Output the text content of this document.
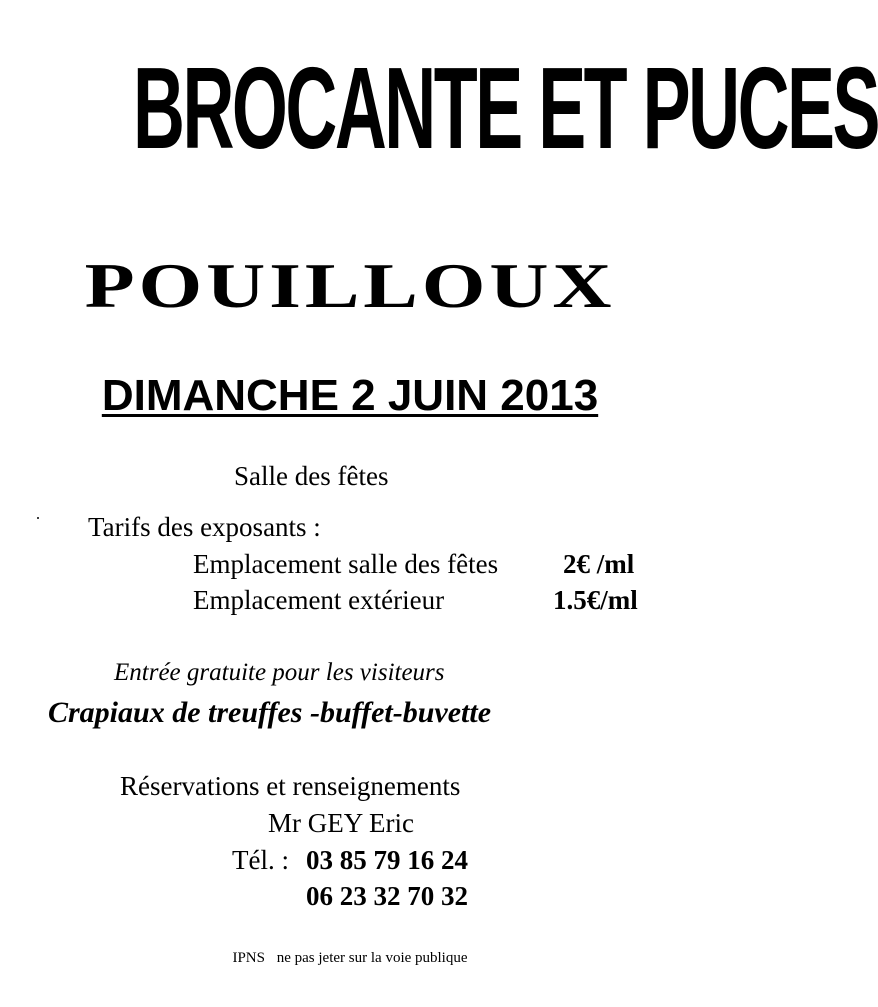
BROCANTE ET PUCES
POUILLOUX
DIMANCHE 2 JUIN 2013
Salle des fêtes
Tarifs des exposants :
Emplacement salle des fêtes 2€ /ml
Emplacement extérieur	1.5€/ml
Entrée gratuite pour les visiteurs
Crapiaux de treuffes -buffet-buvette
Réservations et renseignements
Mr GEY Eric
Tél. : 03 85 79 16 24
06 23 32 70 32
IPNS ne pas jeter sur la voie publique
